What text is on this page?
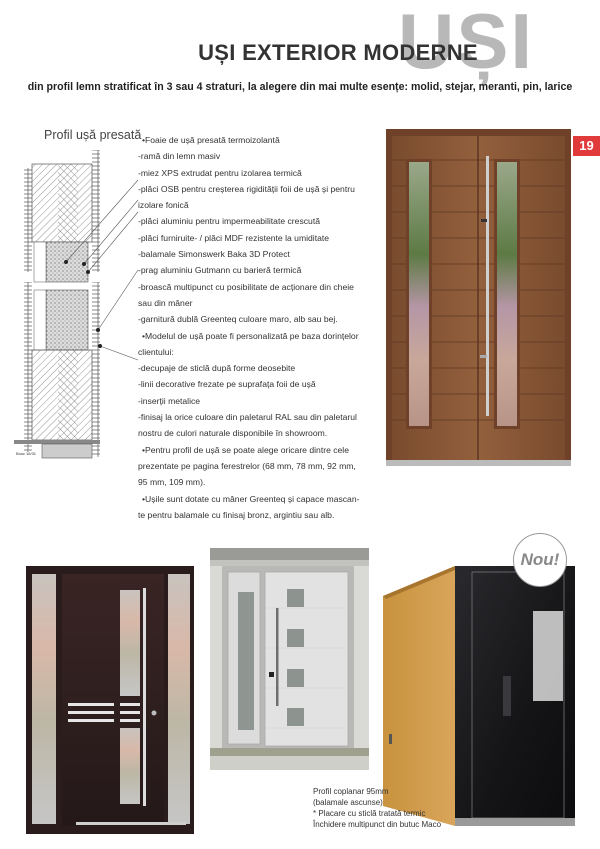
UȘI
UȘI EXTERIOR MODERNE
din profil lemn stratificat în 3 sau 4 straturi, la alegere din mai multe esențe: molid, stejar, meranti, pin, larice
19
Profil ușă presată
Bosc 16/31
•Foaie de ușă presată termoizolantă
-ramă din lemn masiv
-miez XPS extrudat pentru izolarea termică
-plăci OSB pentru creșterea rigidității foii de ușă și pentru
izolare fonică
-plăci aluminiu pentru impermeabilitate crescută
-plăci furniruite- / plăci MDF rezistente la umiditate
-balamale Simonswerk Baka 3D Protect
-prag aluminiu Gutmann cu barieră termică
-broască multipunct cu posibilitate de acționare din cheie
sau din mâner
-garnitură dublă Greenteq culoare maro, alb sau bej.
•Modelul de ușă poate fi personalizată pe baza dorințelor
clientului:
-decupaje de sticlă după forme deosebite
-linii decorative frezate pe suprafața foii de ușă
-inserții metalice
-finisaj la orice culoare din paletarul RAL sau din paletarul
nostru de culori naturale disponibile în showroom.
•Pentru profil de ușă se poate alege oricare dintre cele
prezentate pe pagina ferestrelor (68 mm, 78 mm, 92 mm,
95 mm, 109 mm).
•Ușile sunt dotate cu mâner Greenteq și capace mascan-
te pentru balamale cu finisaj bronz, argintiu sau alb.
Nou!
Profil coplanar 95mm
(balamale ascunse)
* Placare cu sticlă tratată termic
Închidere multipunct din butuc Maco
